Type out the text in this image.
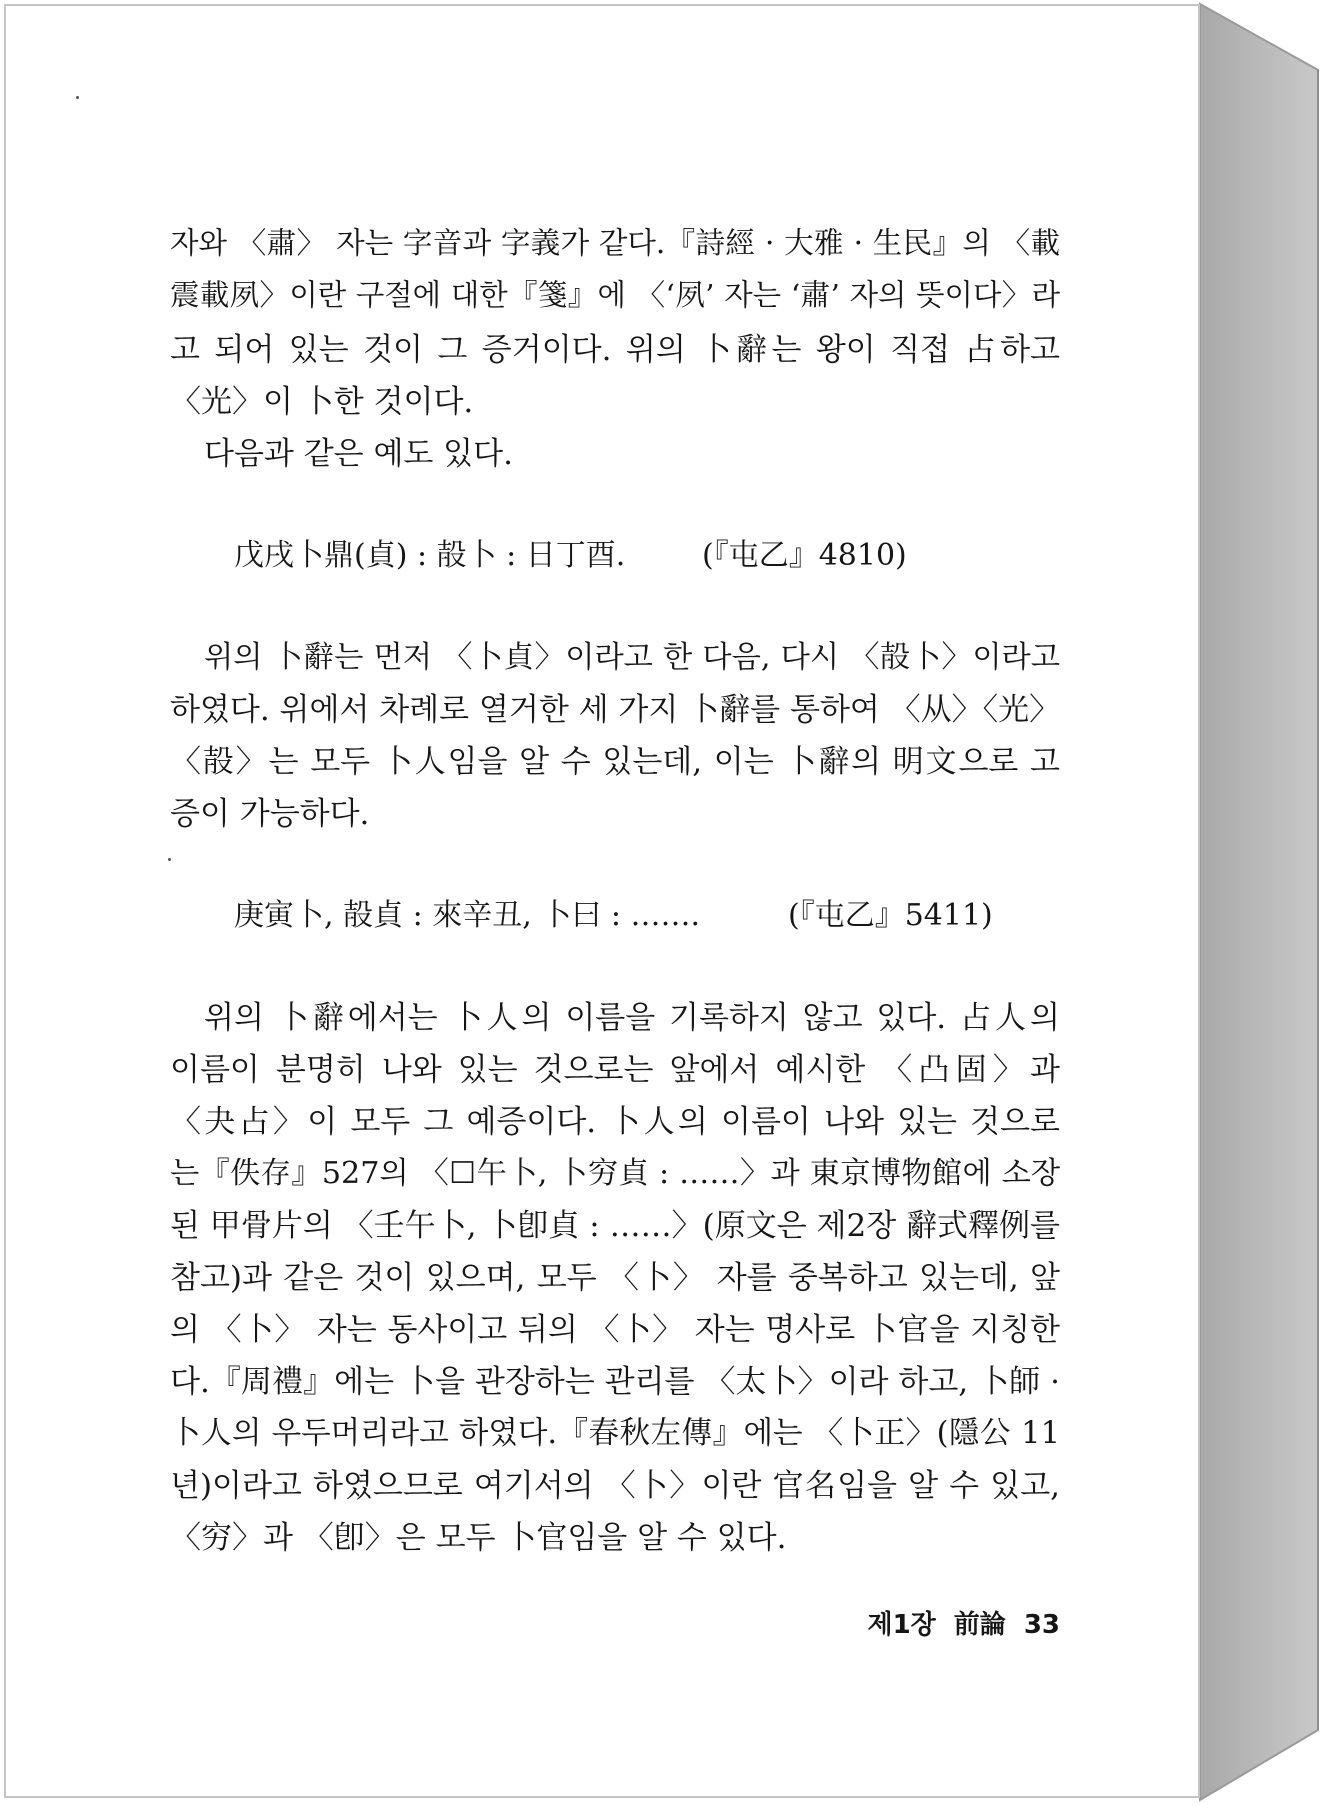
자와 〈肅〉 자는 字音과 字義가 같다.『詩經 · 大雅 · 生民』의 〈載
震載夙〉이란 구절에 대한『箋』에 〈‘夙’ 자는 ‘肅’ 자의 뜻이다〉라
고 되어 있는 것이 그 증거이다. 위의 卜辭는 왕이 직접 占하고
〈光〉이 卜한 것이다.
다음과 같은 예도 있다.
戊戌卜鼎(貞) : 㱿卜 : 日丁酉.	(『屯乙』4810)
위의 卜辭는 먼저 〈卜貞〉이라고 한 다음, 다시 〈㱿卜〉이라고
하였다. 위에서 차례로 열거한 세 가지 卜辭를 통하여 〈从〉〈光〉
〈㱿〉는 모두 卜人임을 알 수 있는데, 이는 卜辭의 明文으로 고
증이 가능하다.
庚寅卜, 㱿貞 : 來辛丑, 卜曰 : …….	(『屯乙』5411)
위의 卜辭에서는 卜人의 이름을 기록하지 않고 있다. 占人의
이름이 분명히 나와 있는 것으로는 앞에서 예시한 〈凸固〉과
〈夬占〉이 모두 그 예증이다. 卜人의 이름이 나와 있는 것으로
는『佚存』527의 〈☐午卜, 卜穷貞 : ……〉과 東京博物館에 소장
된 甲骨片의 〈壬午卜, 卜卽貞 : ……〉(原文은 제2장 辭式釋例를
참고)과 같은 것이 있으며, 모두 〈卜〉 자를 중복하고 있는데, 앞
의 〈卜〉 자는 동사이고 뒤의 〈卜〉 자는 명사로 卜官을 지칭한
다.『周禮』에는 卜을 관장하는 관리를 〈太卜〉이라 하고, 卜師 ·
卜人의 우두머리라고 하였다.『春秋左傳』에는 〈卜正〉(隱公 11
년)이라고 하였으므로 여기서의 〈卜〉이란 官名임을 알 수 있고,
〈穷〉과 〈卽〉은 모두 卜官임을 알 수 있다.
제1장 前論 33
